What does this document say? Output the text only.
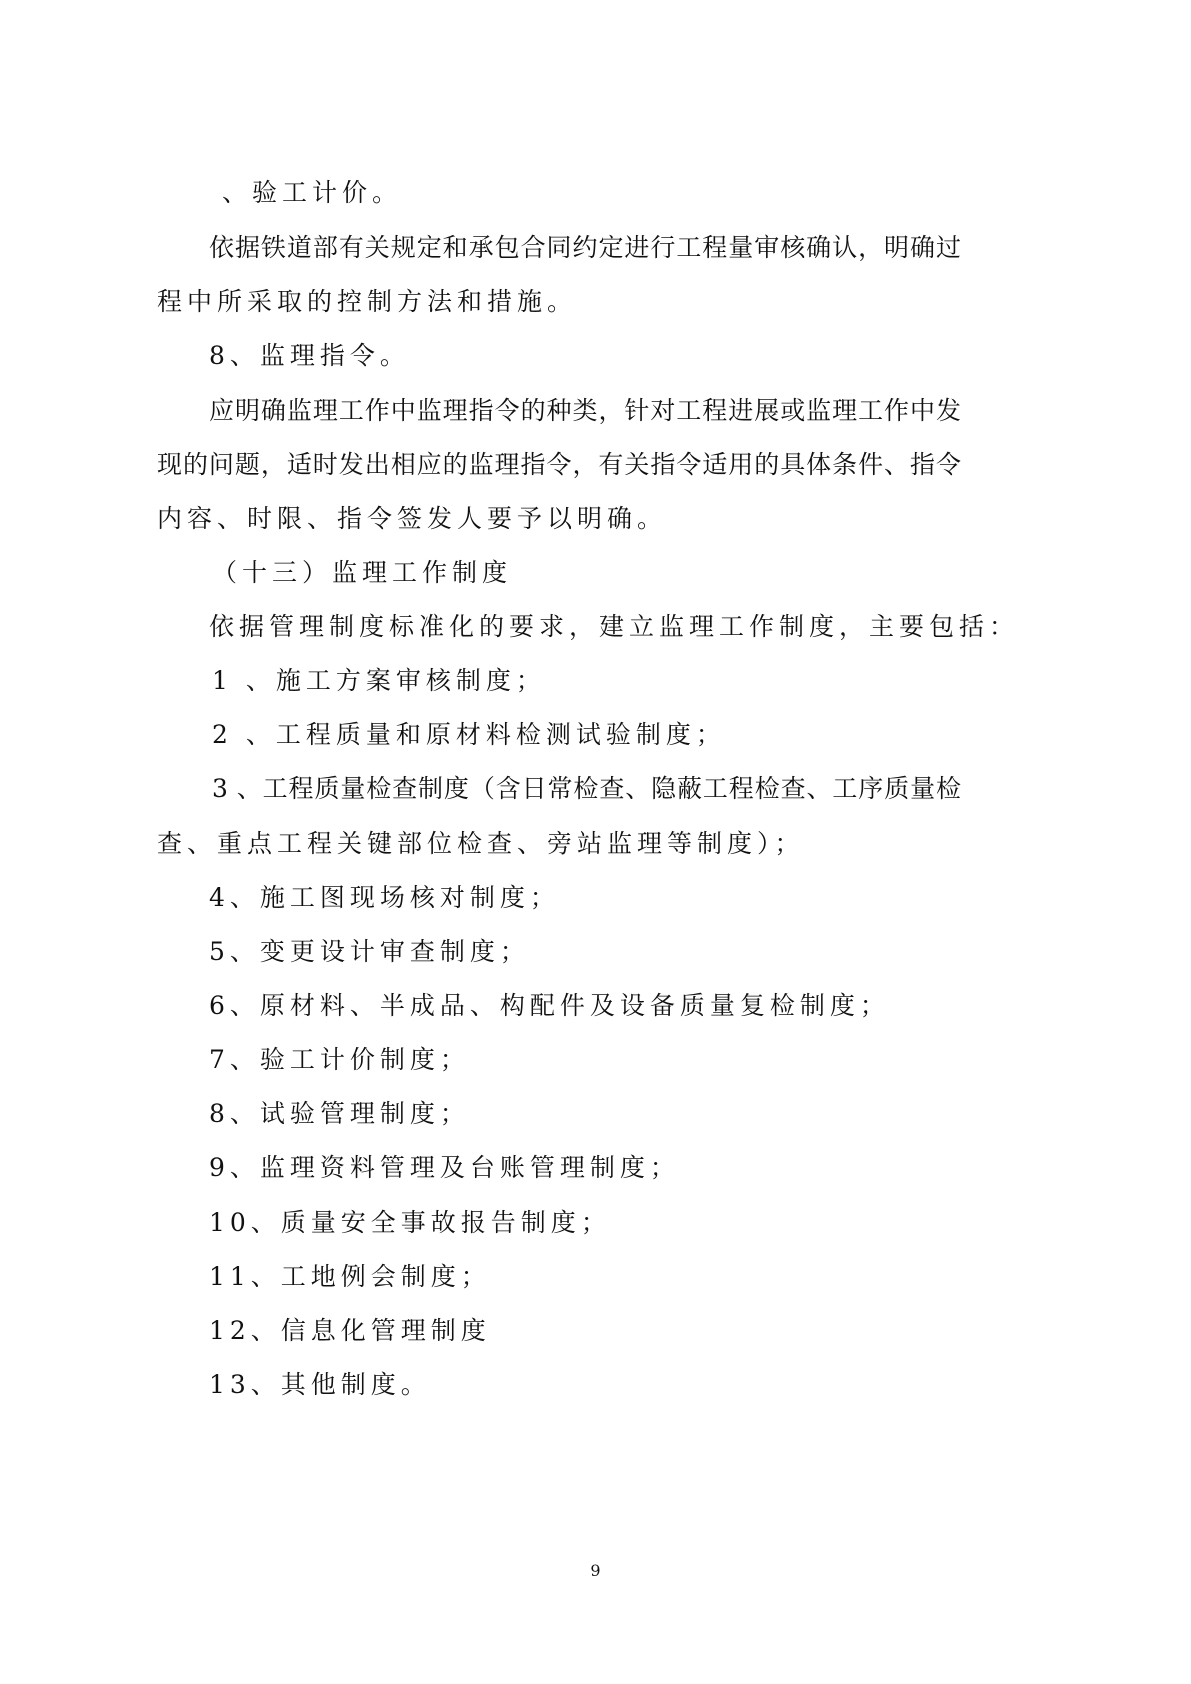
、验工计价。
依据铁道部有关规定和承包合同约定进行工程量审核确认，明确过
程中所采取的控制方法和措施。
8、监理指令。
应明确监理工作中监理指令的种类，针对工程进展或监理工作中发
现的问题，适时发出相应的监理指令，有关指令适用的具体条件、指令
内容、时限、指令签发人要予以明确。
（十三）监理工作制度
依据管理制度标准化的要求，建立监理工作制度，主要包括：
1 、施工方案审核制度；
2 、工程质量和原材料检测试验制度；
3 、工程质量检查制度（含日常检查、隐蔽工程检查、工序质量检
查、重点工程关键部位检查、旁站监理等制度）；
4、施工图现场核对制度；
5、变更设计审查制度；
6、原材料、半成品、构配件及设备质量复检制度；
7、验工计价制度；
8、试验管理制度；
9、监理资料管理及台账管理制度；
10、质量安全事故报告制度；
11、工地例会制度；
12、信息化管理制度
13、其他制度。
9
